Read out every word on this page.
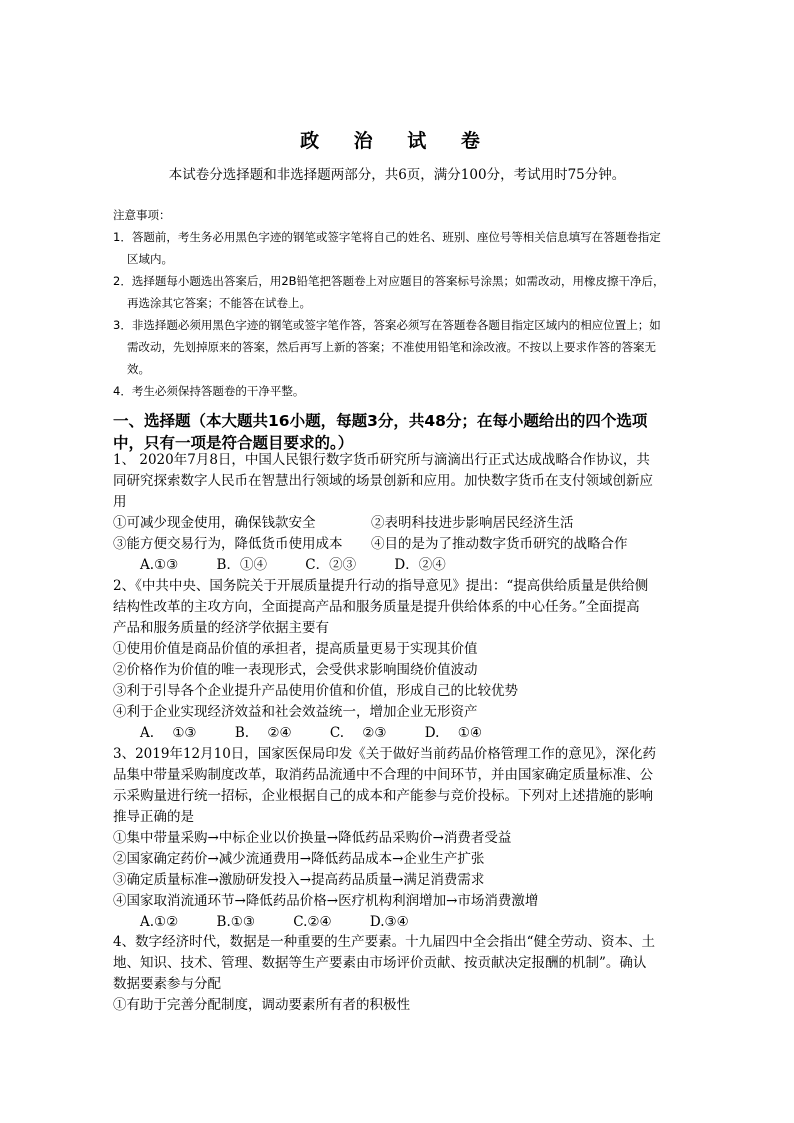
政 治 试 卷
本试卷分选择题和非选择题两部分，共6页，满分100分，考试用时75分钟。
注意事项：
1．答题前，考生务必用黑色字迹的钢笔或签字笔将自己的姓名、班别、座位号等相关信息填写在答题卷指定
区域内。
2．选择题每小题选出答案后，用2B铅笔把答题卷上对应题目的答案标号涂黑；如需改动，用橡皮擦干净后，
再选涂其它答案；不能答在试卷上。
3．非选择题必须用黑色字迹的钢笔或签字笔作答，答案必须写在答题卷各题目指定区域内的相应位置上；如
需改动，先划掉原来的答案，然后再写上新的答案；不准使用铅笔和涂改液。不按以上要求作答的答案无
效。
4．考生必须保持答题卷的干净平整。
一、选择题（本大题共16小题，每题3分，共48分；在每小题给出的四个选项
中，只有一项是符合题目要求的。）
1、 2020年7月8日，中国人民银行数字货币研究所与滴滴出行正式达成战略合作协议，共
同研究探索数字人民币在智慧出行领域的场景创新和应用。加快数字货币在支付领域创新应
用
①可减少现金使用，确保钱款安全	②表明科技进步影响居民经济生活
③能方便交易行为，降低货币使用成本	④目的是为了推动数字货币研究的战略合作
A.①③	B．①④	C．②③	D．②④
2、《中共中央、国务院关于开展质量提升行动的指导意见》提出：“提高供给质量是供给侧
结构性改革的主攻方向，全面提高产品和服务质量是提升供给体系的中心任务。”全面提高
产品和服务质量的经济学依据主要有
①使用价值是商品价值的承担者，提高质量更易于实现其价值
②价格作为价值的唯一表现形式，会受供求影响围绕价值波动
③利于引导各个企业提升产品使用价值和价值，形成自己的比较优势
④利于企业实现经济效益和社会效益统一，增加企业无形资产
A. ①③	B. ②④	C. ②③	D. ①④
3、2019年12月10日，国家医保局印发《关于做好当前药品价格管理工作的意见》，深化药
品集中带量采购制度改革，取消药品流通中不合理的中间环节，并由国家确定质量标准、公
示采购量进行统一招标，企业根据自己的成本和产能参与竞价投标。下列对上述措施的影响
推导正确的是
①集中带量采购→中标企业以价换量→降低药品采购价→消费者受益
②国家确定药价→减少流通费用→降低药品成本→企业生产扩张
③确定质量标准→激励研发投入→提高药品质量→满足消费需求
④国家取消流通环节→降低药品价格→医疗机构利润增加→市场消费激增
A.①②	B.①③	C.②④	D.③④
4、数字经济时代，数据是一种重要的生产要素。十九届四中全会指出“健全劳动、资本、土
地、知识、技术、管理、数据等生产要素由市场评价贡献、按贡献决定报酬的机制”。确认
数据要素参与分配
①有助于完善分配制度，调动要素所有者的积极性
